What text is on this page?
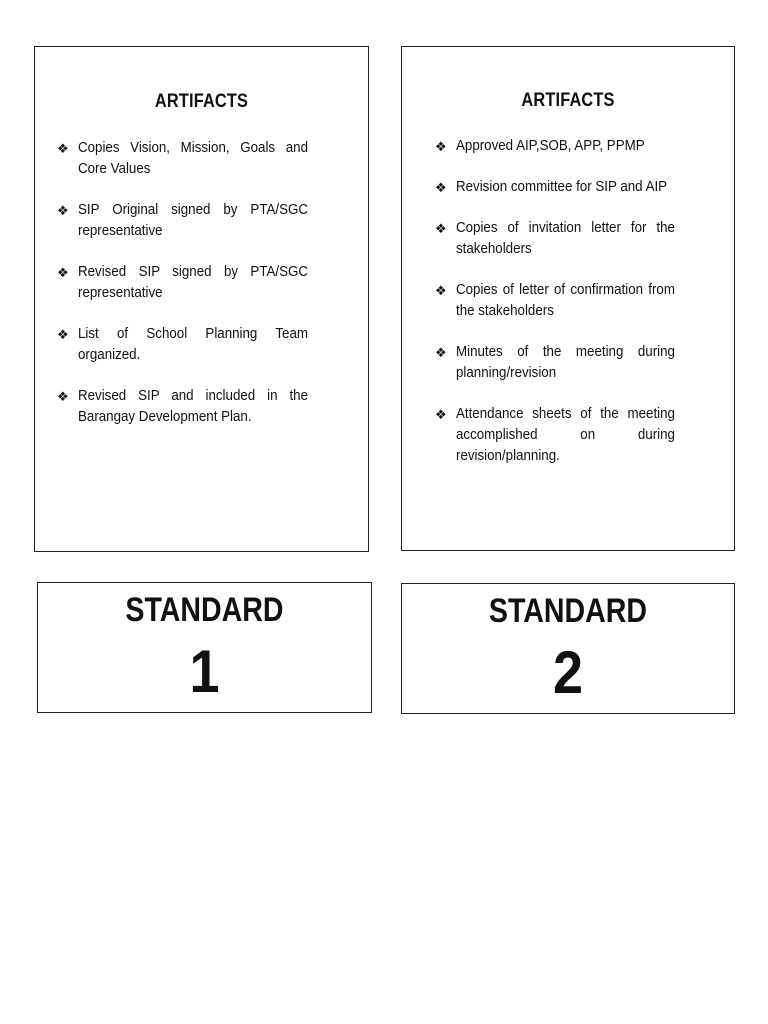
ARTIFACTS
❖ Copies Vision, Mission, Goals and Core Values
❖ SIP Original signed by PTA/SGC representative
❖ Revised SIP signed by PTA/SGC representative
❖ List of School Planning Team organized.
❖ Revised SIP and included in the Barangay Development Plan.
ARTIFACTS
❖ Approved AIP,SOB, APP, PPMP
❖ Revision committee for SIP and AIP
❖ Copies of invitation letter for the stakeholders
❖ Copies of letter of confirmation from the stakeholders
❖ Minutes of the meeting during planning/revision
❖ Attendance sheets of the meeting accomplished on during revision/planning.
STANDARD
1
STANDARD
2
